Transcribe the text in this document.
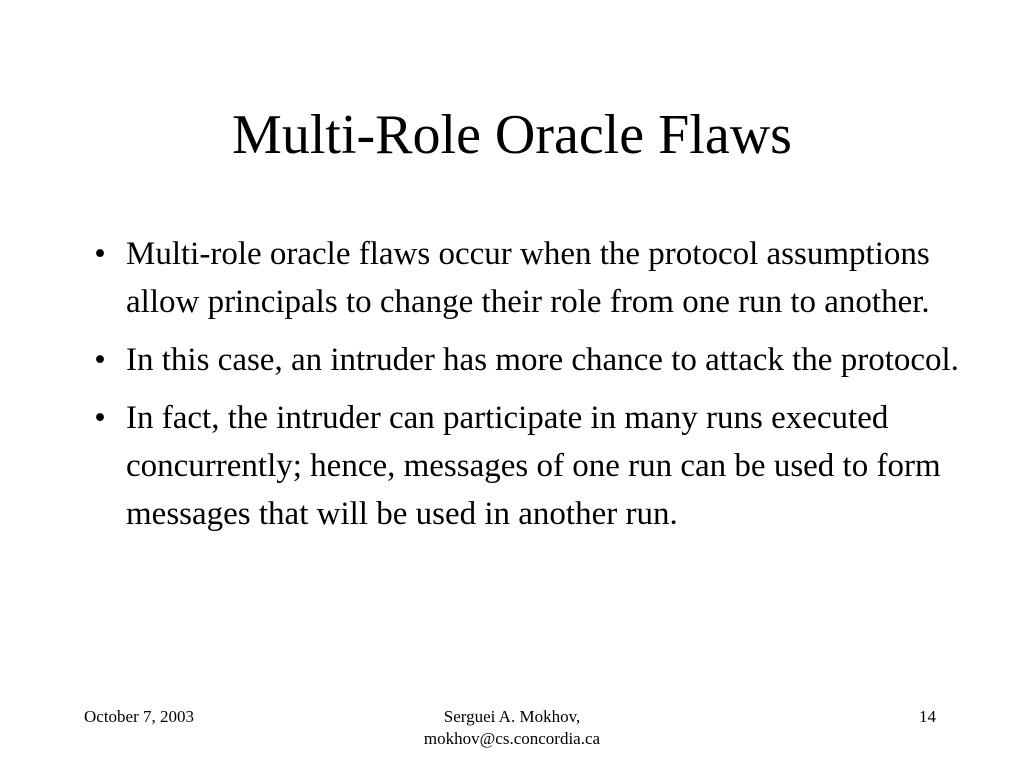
Multi-Role Oracle Flaws
• Multi-role oracle flaws occur when the protocol assumptions allow principals to change their role from one run to another.
• In this case, an intruder has more chance to attack the protocol.
• In fact, the intruder can participate in many runs executed concurrently; hence, messages of one run can be used to form messages that will be used in another run.
October 7, 2003	Serguei A. Mokhov,
mokhov@cs.concordia.ca
14
